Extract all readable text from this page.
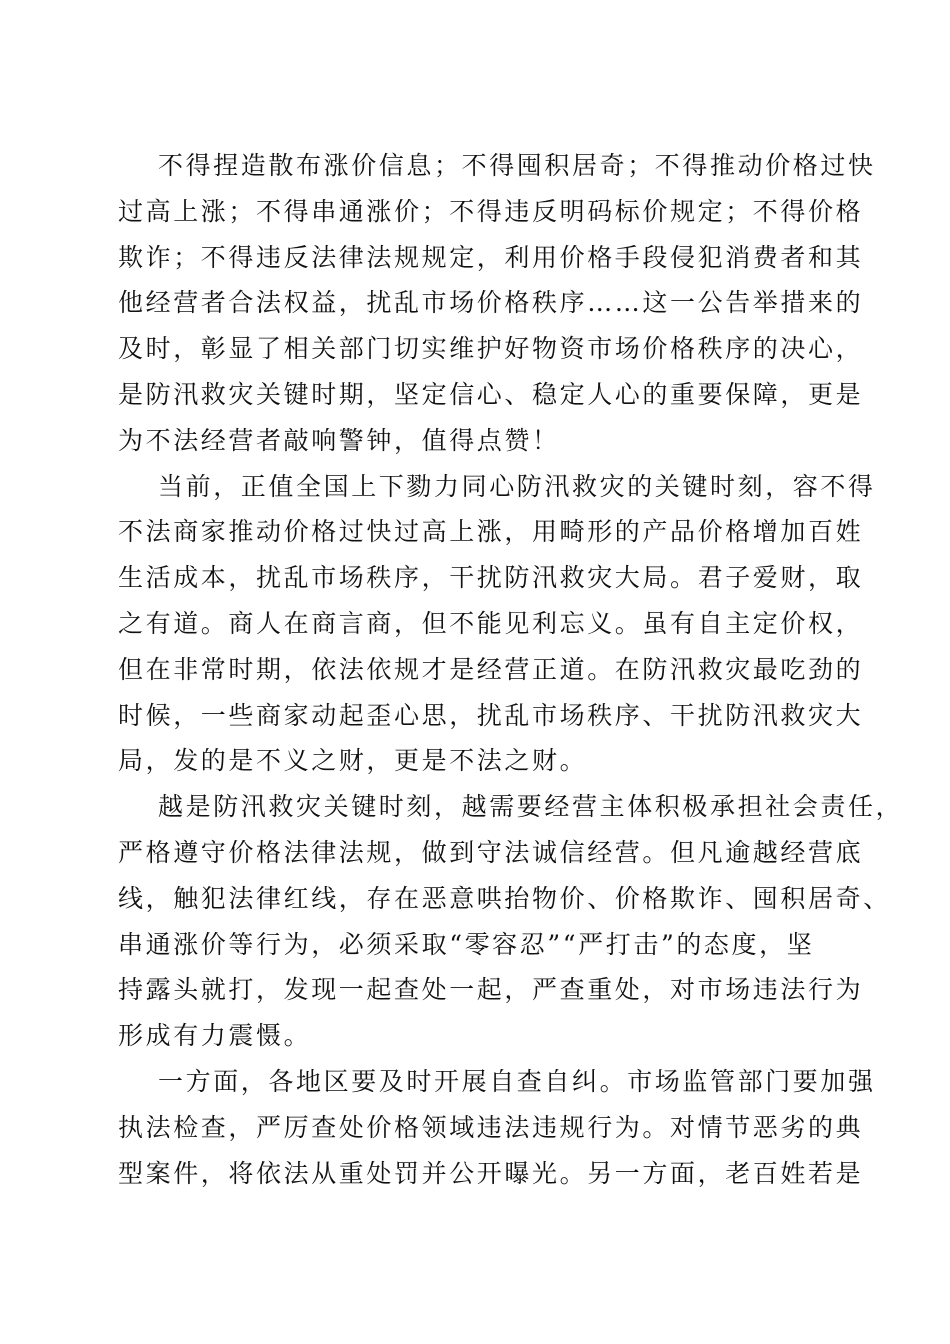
不得捏造散布涨价信息；不得囤积居奇；不得推动价格过快
过高上涨；不得串通涨价；不得违反明码标价规定；不得价格
欺诈；不得违反法律法规规定，利用价格手段侵犯消费者和其
他经营者合法权益，扰乱市场价格秩序……这一公告举措来的
及时，彰显了相关部门切实维护好物资市场价格秩序的决心，
是防汛救灾关键时期，坚定信心、稳定人心的重要保障，更是
为不法经营者敲响警钟，值得点赞！
当前，正值全国上下勠力同心防汛救灾的关键时刻，容不得
不法商家推动价格过快过高上涨，用畸形的产品价格增加百姓
生活成本，扰乱市场秩序，干扰防汛救灾大局。君子爱财，取
之有道。商人在商言商，但不能见利忘义。虽有自主定价权，
但在非常时期，依法依规才是经营正道。在防汛救灾最吃劲的
时候，一些商家动起歪心思，扰乱市场秩序、干扰防汛救灾大
局，发的是不义之财，更是不法之财。
越是防汛救灾关键时刻，越需要经营主体积极承担社会责任，
严格遵守价格法律法规，做到守法诚信经营。但凡逾越经营底
线，触犯法律红线，存在恶意哄抬物价、价格欺诈、囤积居奇、
串通涨价等行为，必须采取“零容忍”“严打击”的态度，坚
持露头就打，发现一起查处一起，严查重处，对市场违法行为
形成有力震慑。
一方面，各地区要及时开展自查自纠。市场监管部门要加强
执法检查，严厉查处价格领域违法违规行为。对情节恶劣的典
型案件，将依法从重处罚并公开曝光。另一方面，老百姓若是
